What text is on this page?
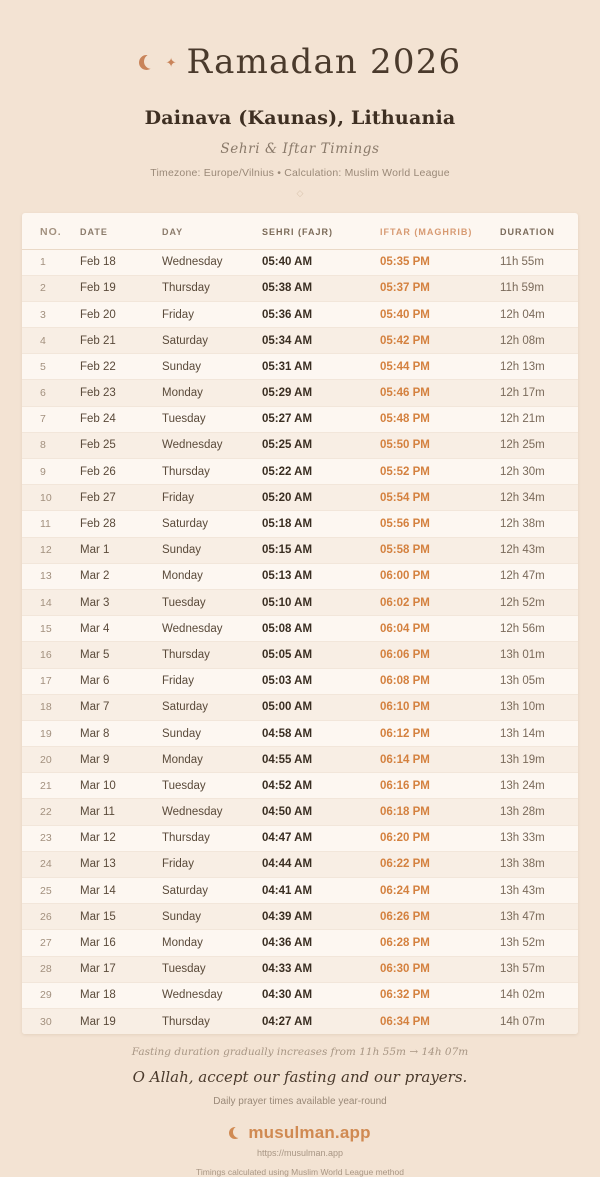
✦ Ramadan 2026
Dainava (Kaunas), Lithuania
Sehri & Iftar Timings
Timezone: Europe/Vilnius • Calculation: Muslim World League
◇
NO.	DATE	DAY	SEHRI (FAJR)	IFTAR (MAGHRIB)	DURATION
1	Feb 18	Wednesday	05:40 AM	05:35 PM	11h 55m
2	Feb 19	Thursday	05:38 AM	05:37 PM	11h 59m
3	Feb 20	Friday	05:36 AM	05:40 PM	12h 04m
4	Feb 21	Saturday	05:34 AM	05:42 PM	12h 08m
5	Feb 22	Sunday	05:31 AM	05:44 PM	12h 13m
6	Feb 23	Monday	05:29 AM	05:46 PM	12h 17m
7	Feb 24	Tuesday	05:27 AM	05:48 PM	12h 21m
8	Feb 25	Wednesday	05:25 AM	05:50 PM	12h 25m
9	Feb 26	Thursday	05:22 AM	05:52 PM	12h 30m
10	Feb 27	Friday	05:20 AM	05:54 PM	12h 34m
11	Feb 28	Saturday	05:18 AM	05:56 PM	12h 38m
12	Mar 1	Sunday	05:15 AM	05:58 PM	12h 43m
13	Mar 2	Monday	05:13 AM	06:00 PM	12h 47m
14	Mar 3	Tuesday	05:10 AM	06:02 PM	12h 52m
15	Mar 4	Wednesday	05:08 AM	06:04 PM	12h 56m
16	Mar 5	Thursday	05:05 AM	06:06 PM	13h 01m
17	Mar 6	Friday	05:03 AM	06:08 PM	13h 05m
18	Mar 7	Saturday	05:00 AM	06:10 PM	13h 10m
19	Mar 8	Sunday	04:58 AM	06:12 PM	13h 14m
20	Mar 9	Monday	04:55 AM	06:14 PM	13h 19m
21	Mar 10	Tuesday	04:52 AM	06:16 PM	13h 24m
22	Mar 11	Wednesday	04:50 AM	06:18 PM	13h 28m
23	Mar 12	Thursday	04:47 AM	06:20 PM	13h 33m
24	Mar 13	Friday	04:44 AM	06:22 PM	13h 38m
25	Mar 14	Saturday	04:41 AM	06:24 PM	13h 43m
26	Mar 15	Sunday	04:39 AM	06:26 PM	13h 47m
27	Mar 16	Monday	04:36 AM	06:28 PM	13h 52m
28	Mar 17	Tuesday	04:33 AM	06:30 PM	13h 57m
29	Mar 18	Wednesday	04:30 AM	06:32 PM	14h 02m
30	Mar 19	Thursday	04:27 AM	06:34 PM	14h 07m
Fasting duration gradually increases from 11h 55m → 14h 07m
O Allah, accept our fasting and our prayers.
Daily prayer times available year-round
musulman.app
https://musulman.app
Timings calculated using Muslim World League method
